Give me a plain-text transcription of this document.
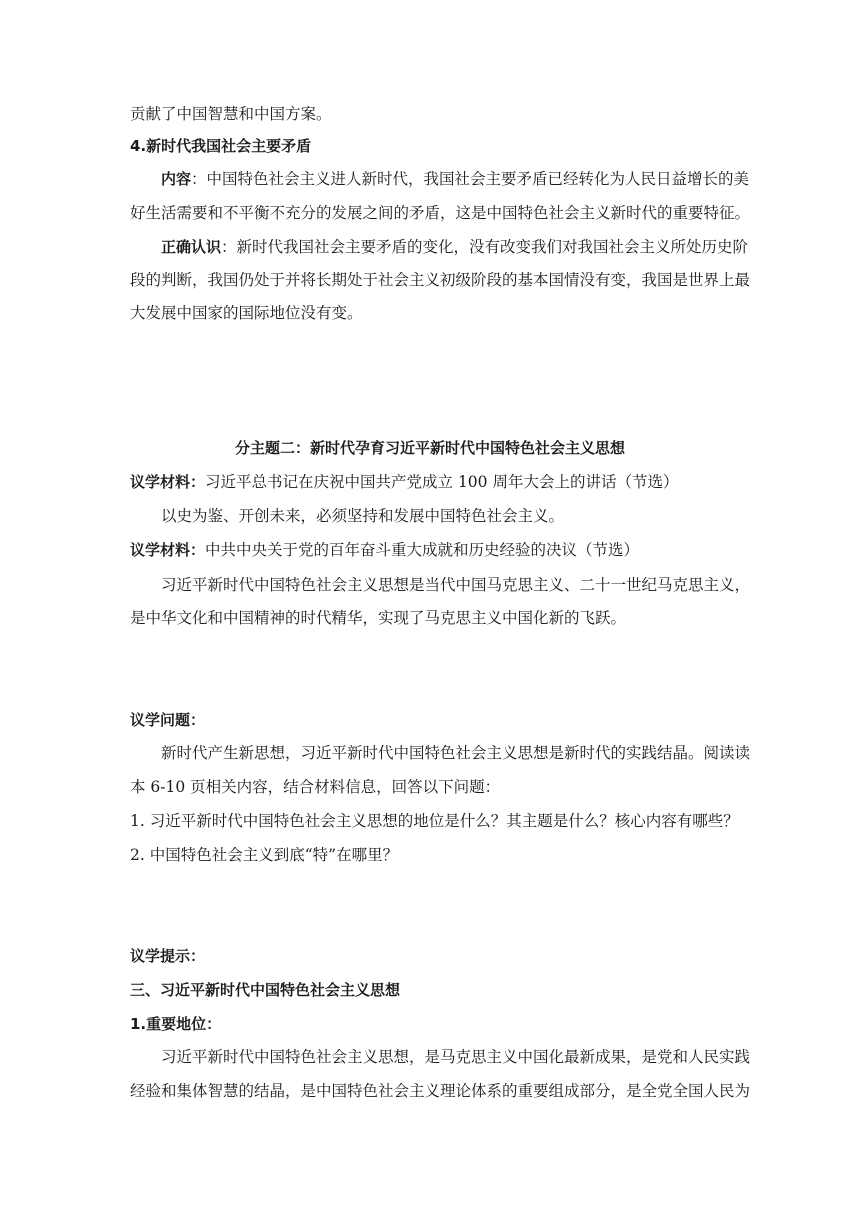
贡献了中国智慧和中国方案。
4.新时代我国社会主要矛盾
内容：中国特色社会主义进人新时代，我国社会主要矛盾已经转化为人民日益增长的美
好生活需要和不平衡不充分的发展之间的矛盾，这是中国特色社会主义新时代的重要特征。
正确认识：新时代我国社会主要矛盾的变化，没有改变我们对我国社会主义所处历史阶
段的判断，我国仍处于并将长期处于社会主义初级阶段的基本国情没有变，我国是世界上最
大发展中国家的国际地位没有变。
分主题二：新时代孕育习近平新时代中国特色社会主义思想
议学材料：习近平总书记在庆祝中国共产党成立 100 周年大会上的讲话（节选）
以史为鉴、开创未来，必须坚持和发展中国特色社会主义。
议学材料：中共中央关于党的百年奋斗重大成就和历史经验的决议（节选）
习近平新时代中国特色社会主义思想是当代中国马克思主义、二十一世纪马克思主义，
是中华文化和中国精神的时代精华，实现了马克思主义中国化新的飞跃。
议学问题：
新时代产生新思想，习近平新时代中国特色社会主义思想是新时代的实践结晶。阅读读
本 6-10 页相关内容，结合材料信息，回答以下问题：
1. 习近平新时代中国特色社会主义思想的地位是什么？其主题是什么？核心内容有哪些？
2. 中国特色社会主义到底“特”在哪里？
议学提示：
三、习近平新时代中国特色社会主义思想
1.重要地位：
习近平新时代中国特色社会主义思想，是马克思主义中国化最新成果，是党和人民实践
经验和集体智慧的结晶，是中国特色社会主义理论体系的重要组成部分，是全党全国人民为
